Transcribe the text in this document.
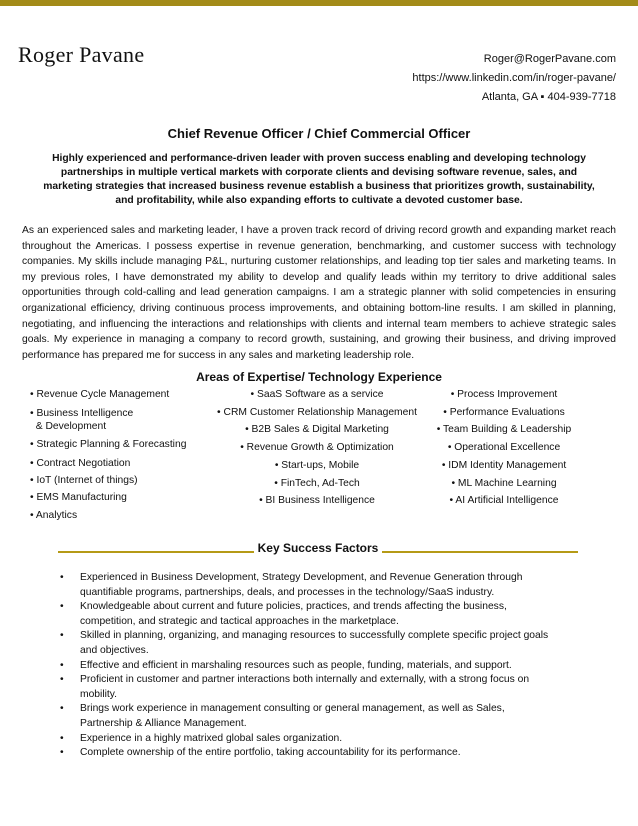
Roger Pavane	Roger@RogerPavane.com
https://www.linkedin.com/in/roger-pavane/
Atlanta, GA ▪ 404-939-7718
Chief Revenue Officer / Chief Commercial Officer
Highly experienced and performance-driven leader with proven success enabling and developing technology partnerships in multiple vertical markets with corporate clients and devising software revenue, sales, and marketing strategies that increased business revenue establish a business that prioritizes growth, sustainability, and profitability, while also expanding efforts to cultivate a devoted customer base.
As an experienced sales and marketing leader, I have a proven track record of driving record growth and expanding market reach throughout the Americas. I possess expertise in revenue generation, benchmarking, and customer success with technology companies. My skills include managing P&L, nurturing customer relationships, and leading top tier sales and marketing teams. In my previous roles, I have demonstrated my ability to develop and qualify leads within my territory to drive additional sales opportunities through cold-calling and lead generation campaigns. I am a strategic planner with solid competencies in ensuring organizational efficiency, driving continuous process improvements, and obtaining bottom-line results. I am skilled in planning, negotiating, and influencing the interactions and relationships with clients and internal team members to achieve strategic sales goals. My experience in managing a company to record growth, sustaining, and growing their business, and driving improved performance has prepared me for success in any sales and marketing leadership role.
Areas of Expertise/ Technology Experience
• Revenue Cycle Management
• Business Intelligence
& Development
• Strategic Planning & Forecasting
• Contract Negotiation
• IoT (Internet of things)
• EMS Manufacturing
• Analytics
• SaaS Software as a service
• CRM Customer Relationship Management
• B2B Sales & Digital Marketing
• Revenue Growth & Optimization
• Start-ups, Mobile
• FinTech, Ad-Tech
• BI Business Intelligence
• Process Improvement
• Performance Evaluations
• Team Building & Leadership
• Operational Excellence
• IDM Identity Management
• ML Machine Learning
• AI Artificial Intelligence
Key Success Factors
• Experienced in Business Development, Strategy Development, and Revenue Generation through quantifiable programs, partnerships, deals, and processes in the technology/SaaS industry.
• Knowledgeable about current and future policies, practices, and trends affecting the business, competition, and strategic and tactical approaches in the marketplace.
• Skilled in planning, organizing, and managing resources to successfully complete specific project goals and objectives.
• Effective and efficient in marshaling resources such as people, funding, materials, and support.
• Proficient in customer and partner interactions both internally and externally, with a strong focus on mobility.
• Brings work experience in management consulting or general management, as well as Sales, Partnership & Alliance Management.
• Experience in a highly matrixed global sales organization.
• Complete ownership of the entire portfolio, taking accountability for its performance.
